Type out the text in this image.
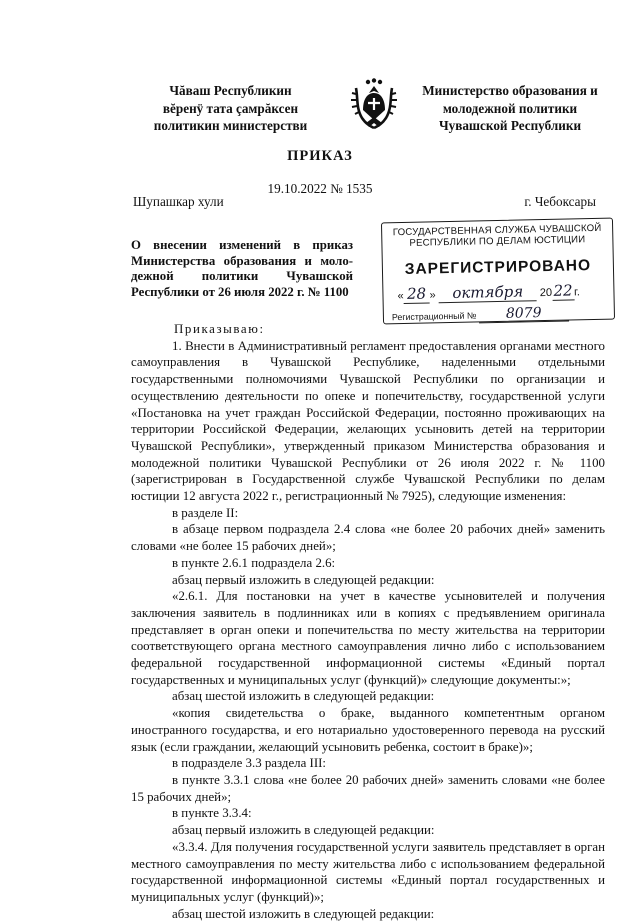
Чăваш Республикин
вĕренÿ тата çамрăксен
политикин министерстви
Министерство образования и
молодежной политики
Чувашской Республики
ПРИКАЗ
19.10.2022 № 1535
Шупашкар хули	г. Чебоксары
О внесении изменений в приказ
Министерства образования и моло-
дежной политики Чувашской
Республики от 26 июля 2022 г. № 1100
ГОСУДАРСТВЕННАЯ СЛУЖБА ЧУВАШСКОЙ
РЕСПУБЛИКИ ПО ДЕЛАМ ЮСТИЦИИ
ЗАРЕГИСТРИРОВАНО
« 28 » октября 2022г.
Регистрационный № 8079

Приказываю:

1. Внести в Административный регламент предоставления органами местного самоуправления в Чувашской Республике, наделенными отдельными государственными полномочиями Чувашской Республики по организации и осуществлению деятельности по опеке и попечительству, государственной услуги «Постановка на учет граждан Российской Федерации, постоянно проживающих на территории Российской Федерации, желающих усыновить детей на территории Чувашской Республики», утвержденный приказом Министерства образования и молодежной политики Чувашской Республики от 26 июля 2022 г. № 1100 (зарегистрирован в Государственной службе Чувашской Республики по делам юстиции 12 августа 2022 г., регистрационный № 7925), следующие изменения:

в разделе II:

в абзаце первом подраздела 2.4 слова «не более 20 рабочих дней» заменить словами «не более 15 рабочих дней»;

в пункте 2.6.1 подраздела 2.6:

абзац первый изложить в следующей редакции:

«2.6.1. Для постановки на учет в качестве усыновителей и получения заключения заявитель в подлинниках или в копиях с предъявлением оригинала представляет в орган опеки и попечительства по месту жительства на территории соответствующего органа местного самоуправления лично либо с использованием федеральной государственной информационной системы «Единый портал государственных и муниципальных услуг (функций)» следующие документы:»;

абзац шестой изложить в следующей редакции:

«копия свидетельства о браке, выданного компетентным органом иностранного государства, и его нотариально удостоверенного перевода на русский язык (если граждании, желающий усыновить ребенка, состоит в браке)»;

в подразделе 3.3 раздела III:

в пункте 3.3.1 слова «не более 20 рабочих дней» заменить словами «не более 15 рабочих дней»;

в пункте 3.3.4:

абзац первый изложить в следующей редакции:

«3.3.4. Для получения государственной услуги заявитель представляет в орган местного самоуправления по месту жительства либо с использованием федеральной государственной информационной системы «Единый портал государственных и муниципальных услуг (функций)»;

абзац шестой изложить в следующей редакции:
